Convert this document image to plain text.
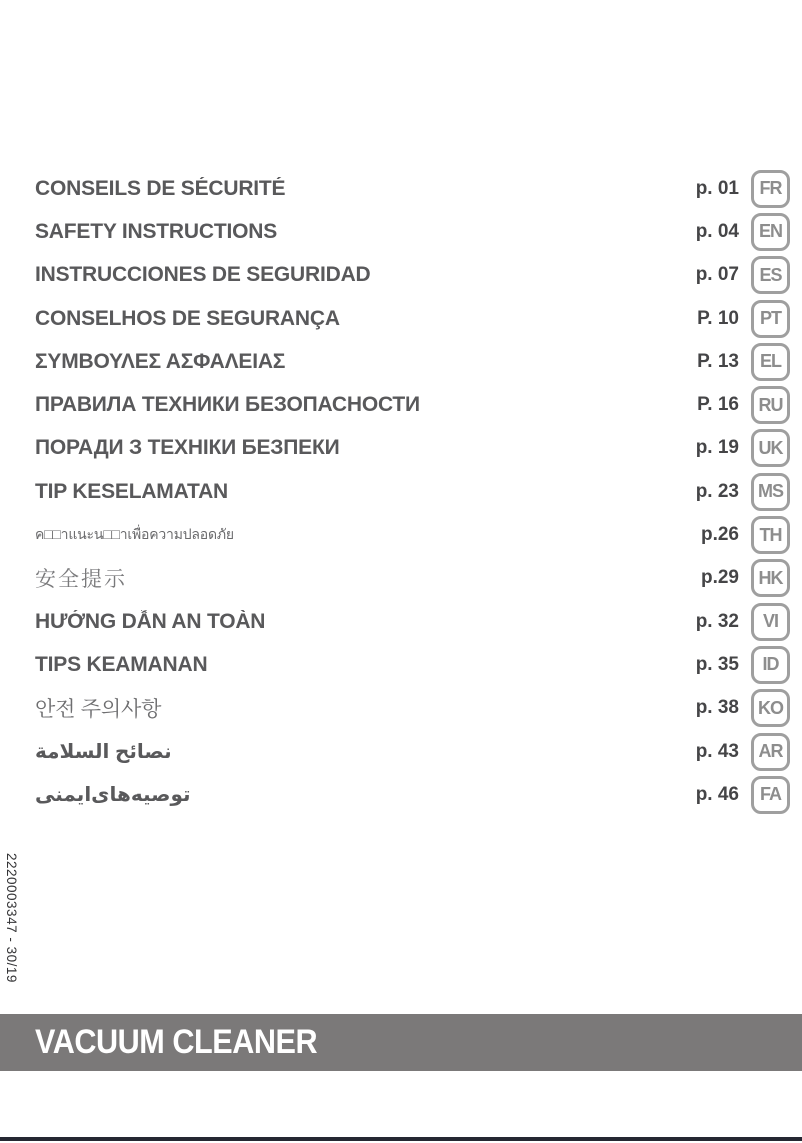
CONSEILS DE SÉCURITÉ	p. 01	FR
SAFETY INSTRUCTIONS	p. 04	EN
INSTRUCCIONES DE SEGURIDAD	p. 07	ES
CONSELHOS DE SEGURANÇA	P. 10	PT
ΣΥΜΒΟΥΛΕΣ ΑΣΦΑΛΕΙΑΣ	P. 13	EL
ПРАВИЛА ТЕХНИКИ БЕЗОПАСНОСТИ	P. 16	RU
ПОРАДИ З ТЕХНІКИ БЕЗПЕКИ	p. 19	UK
TIP KESELAMATAN	p. 23	MS
ค□□าแนะน□□าเพื่อความปลอดภัย	p.26	TH
安全提示	p.29	HK
HƯỚNG DẪN AN TOÀN	p. 32	VI
TIPS KEAMANAN	p. 35	ID
안전 주의사항	p. 38	KO
نصائح السلامة	p. 43	AR
توصیه‌های‌ایمنی	p. 46	FA
2220003347 - 30/19
VACUUM CLEANER
